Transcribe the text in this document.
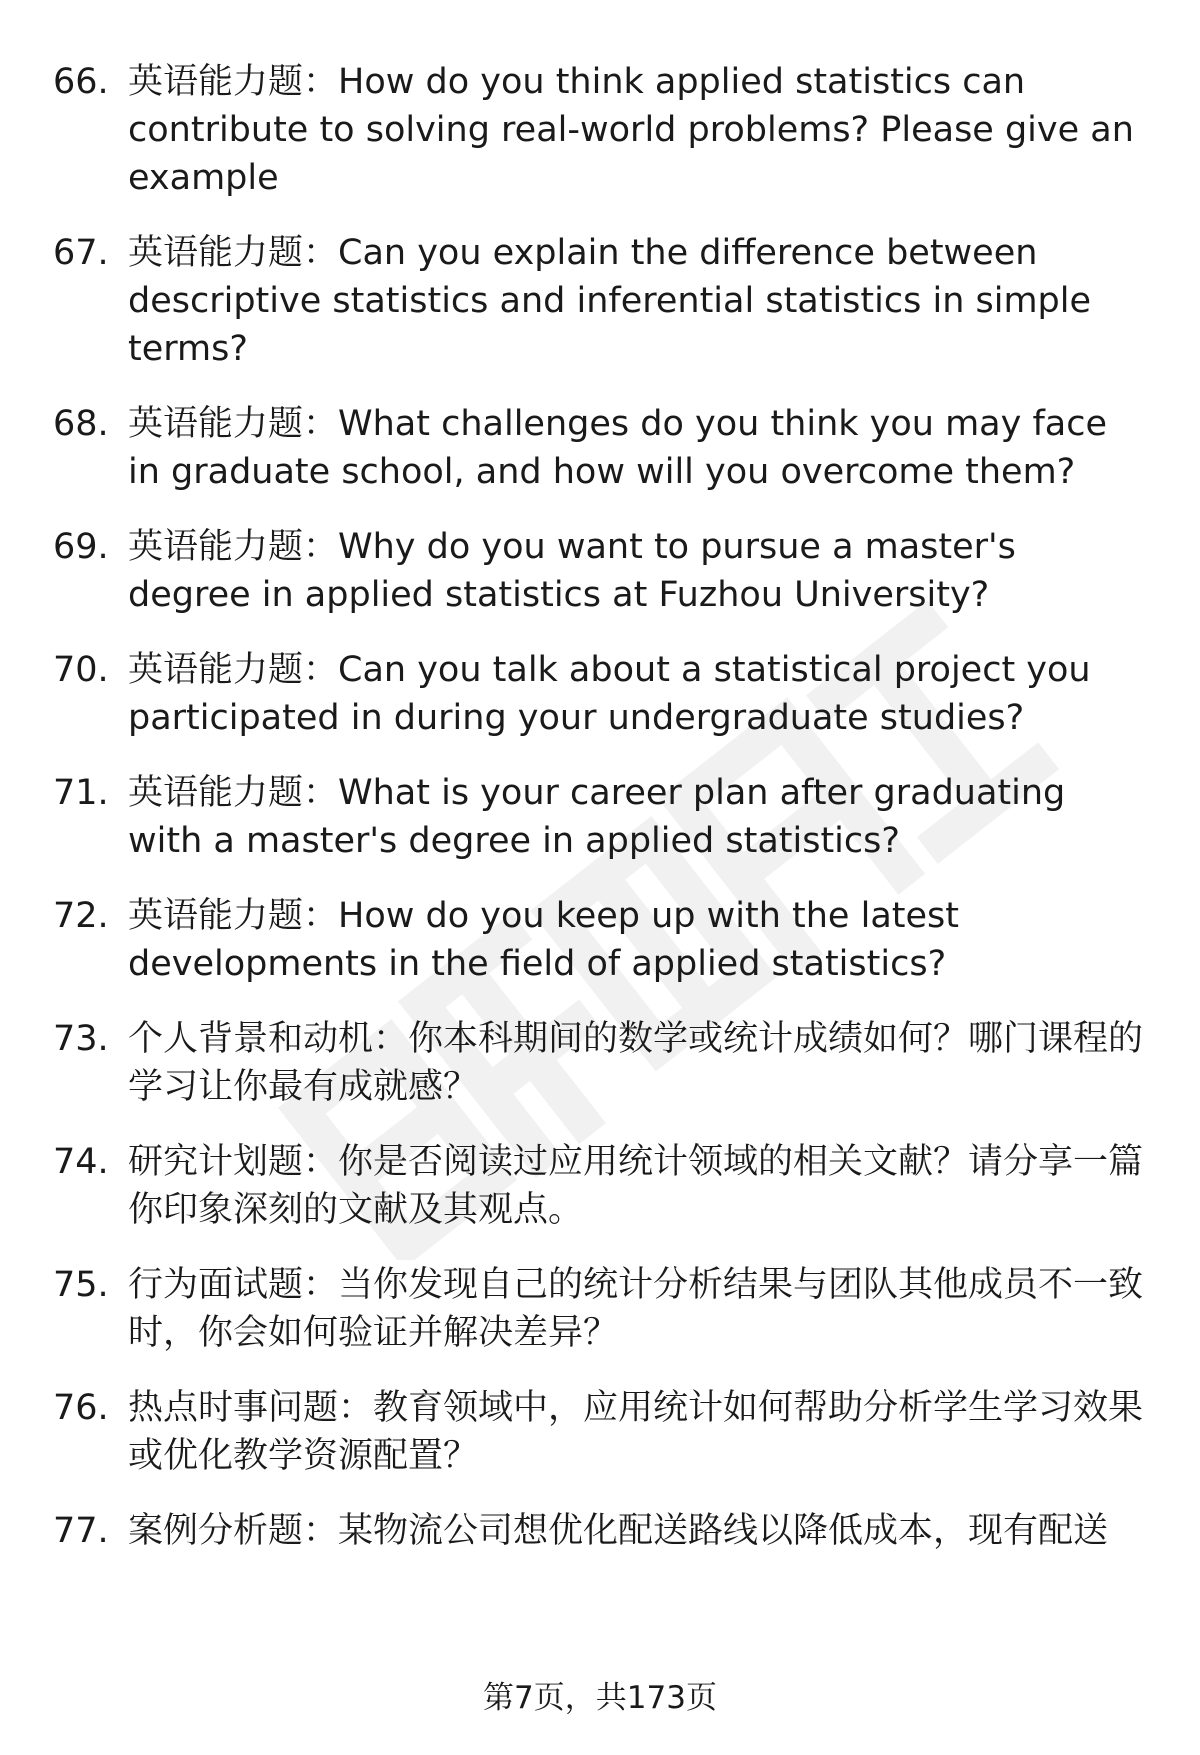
66. 英语能力题：How do you think applied statistics can contribute to solving real-world problems? Please give an example
67. 英语能力题：Can you explain the difference between descriptive statistics and inferential statistics in simple terms?
68. 英语能力题：What challenges do you think you may face in graduate school, and how will you overcome them?
69. 英语能力题：Why do you want to pursue a master's degree in applied statistics at Fuzhou University?
70. 英语能力题：Can you talk about a statistical project you participated in during your undergraduate studies?
71. 英语能力题：What is your career plan after graduating with a master's degree in applied statistics?
72. 英语能力题：How do you keep up with the latest developments in the field of applied statistics?
73. 个人背景和动机：你本科期间的数学或统计成绩如何？哪门课程的学习让你最有成就感？
74. 研究计划题：你是否阅读过应用统计领域的相关文献？请分享一篇你印象深刻的文献及其观点。
75. 行为面试题：当你发现自己的统计分析结果与团队其他成员不一致时，你会如何验证并解决差异？
76. 热点时事问题：教育领域中，应用统计如何帮助分析学生学习效果或优化教学资源配置？
77. 案例分析题：某物流公司想优化配送路线以降低成本，现有配送
第7页，共173页
